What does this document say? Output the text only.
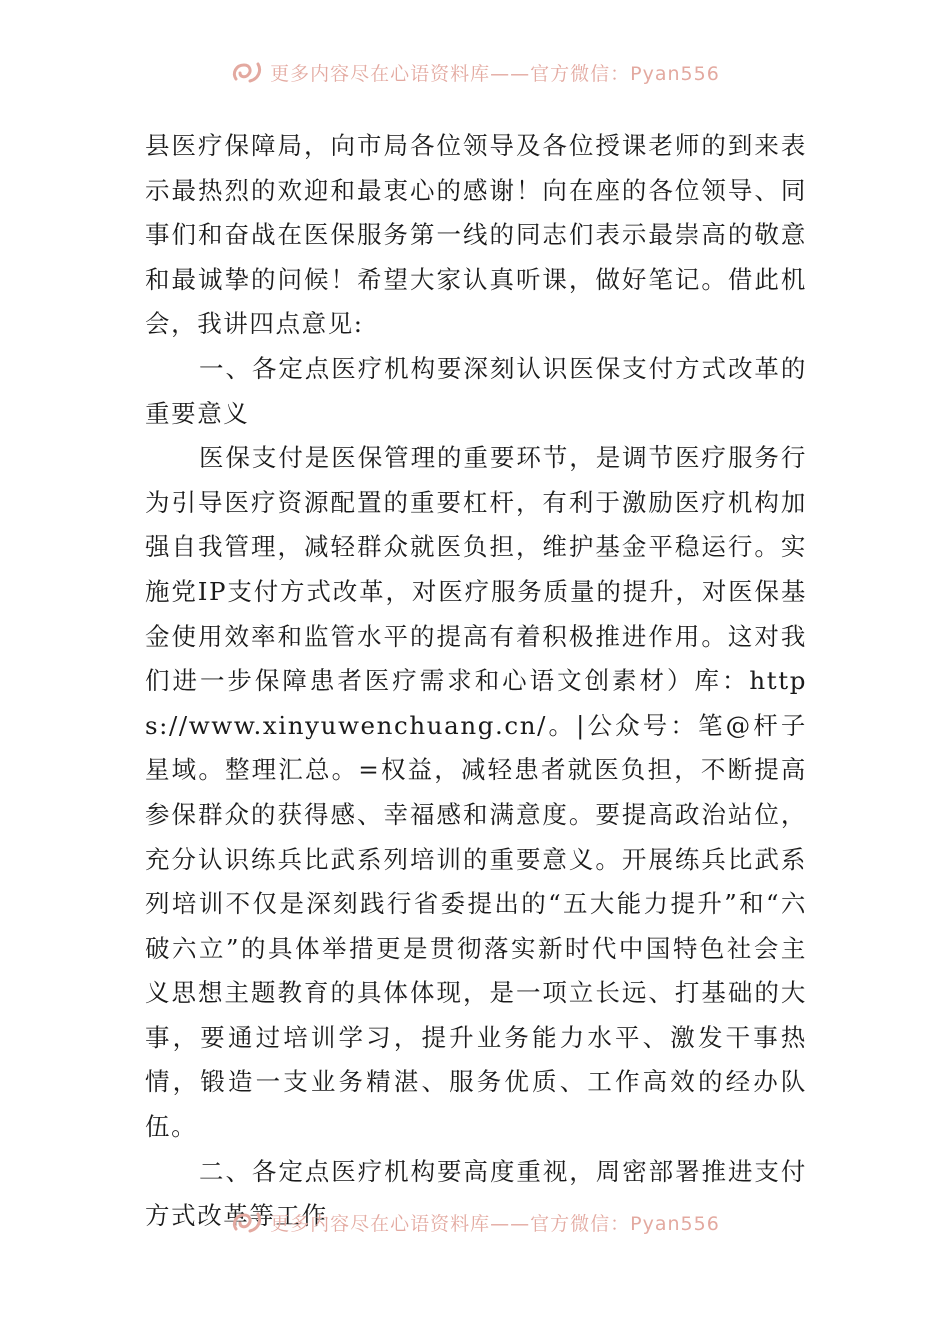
更多内容尽在心语资料库——官方微信：Pyan556

县医疗保障局，向市局各位领导及各位授课老师的到来表示最热烈的欢迎和最衷心的感谢！向在座的各位领导、同事们和奋战在医保服务第一线的同志们表示最崇高的敬意和最诚挚的问候！希望大家认真听课，做好笔记。借此机会，我讲四点意见:

一、各定点医疗机构要深刻认识医保支付方式改革的重要意义

医保支付是医保管理的重要环节，是调节医疗服务行为引导医疗资源配置的重要杠杆，有利于激励医疗机构加强自我管理，减轻群众就医负担，维护基金平稳运行。实施党IP支付方式改革，对医疗服务质量的提升，对医保基金使用效率和监管水平的提高有着积极推进作用。这对我们进一步保障患者医疗需求和心语文创素材）库：https://www.xinyuwenchuang.cn/。|公众号：笔@杆子星域。整理汇总。=权益，减轻患者就医负担，不断提高参保群众的获得感、幸福感和满意度。要提高政治站位，充分认识练兵比武系列培训的重要意义。开展练兵比武系列培训不仅是深刻践行省委提出的“五大能力提升”和“六破六立”的具体举措更是贯彻落实新时代中国特色社会主义思想主题教育的具体体现，是一项立长远、打基础的大事，要通过培训学习，提升业务能力水平、激发干事热情，锻造一支业务精湛、服务优质、工作高效的经办队伍。

二、各定点医疗机构要高度重视，周密部署推进支付方式改革等工作

更多内容尽在心语资料库——官方微信：Pyan556
